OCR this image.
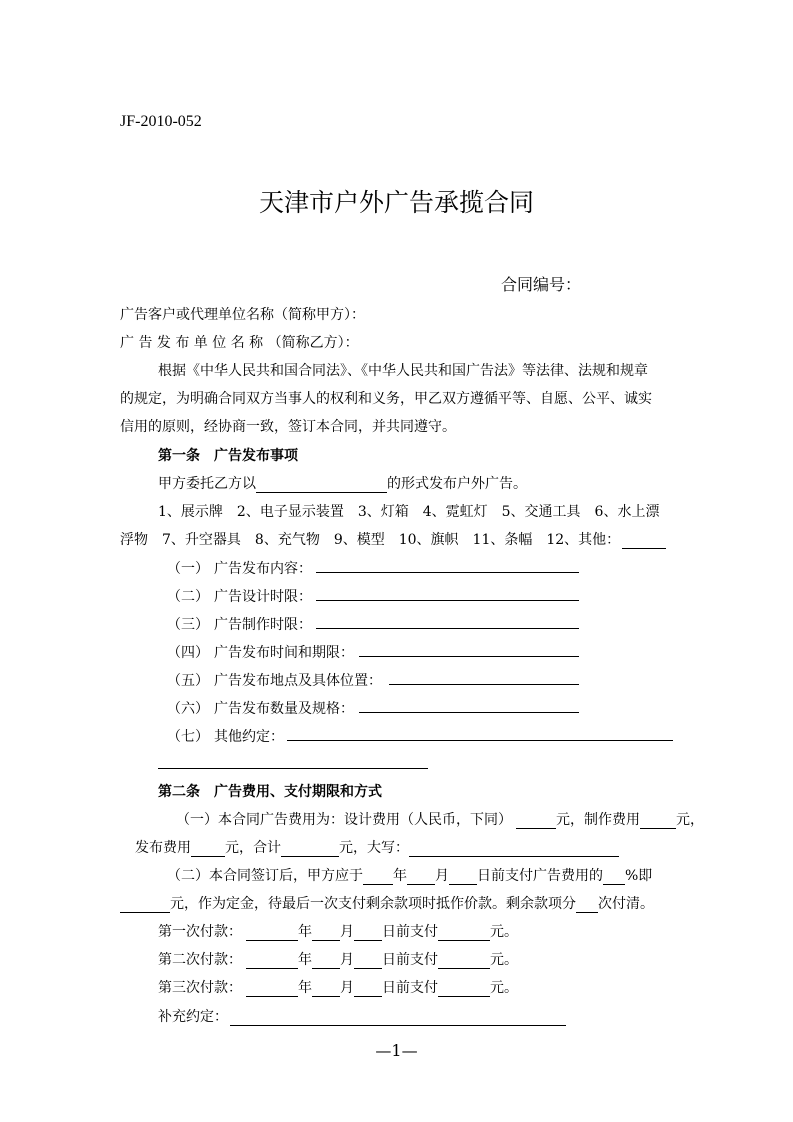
JF-2010-052
天津市户外广告承揽合同
合同编号：
广告客户或代理单位名称（简称甲方）：
广 告 发 布 单 位 名 称 （简称乙方）：
根据《中华人民共和国合同法》、《中华人民共和国广告法》等法律、法规和规章
的规定，为明确合同双方当事人的权利和义务，甲乙双方遵循平等、自愿、公平、诚实
信用的原则，经协商一致，签订本合同，并共同遵守。
第一条　广告发布事项
甲方委托乙方以	的形式发布户外广告。
1、展示牌　2、电子显示装置　3、灯箱　4、霓虹灯　5、交通工具　6、水上漂
浮物　7、升空器具　8、充气物　9、模型　10、旗帜　11、条幅　12、其他：
（一） 广告发布内容：
（二） 广告设计时限：
（三） 广告制作时限：
（四） 广告发布时间和期限：
（五） 广告发布地点及具体位置：
（六） 广告发布数量及规格：
（七） 其他约定：
第二条　广告费用、支付期限和方式
（一）本合同广告费用为：设计费用（人民币，下同）	元，制作费用	元，
发布费用 元，合计	元，大写：
（二）本合同签订后，甲方应于 年 月 日前支付广告费用的 %即
元，作为定金，待最后一次支付剩余款项时抵作价款。剩余款项分 次付清。
第一次付款：	年 月 日前支付	元。
第二次付款：	年 月 日前支付	元。
第三次付款：	年 月 日前支付	元。
补充约定：
—1—
